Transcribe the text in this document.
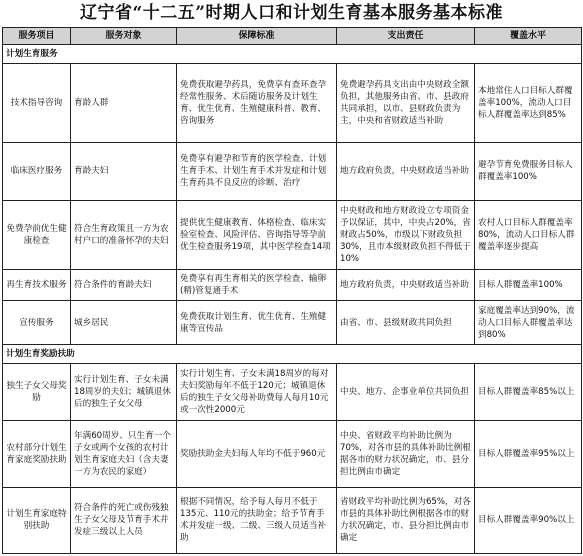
辽宁省“十二五”时期人口和计划生育基本服务基本标准
服务项目	服务对象	保障标准	支出责任	覆盖水平
计划生育服务				
技术指导咨询	育龄人群	免费获取避孕药具，免费享有查环查孕经常性服务、术后随访服务及计划生育、优生优育、生殖健康科普、教育、咨询服务	免费避孕药具支出由中央财政全额负担，其他服务由省、市、县政府共同承担，以市、县财政负责为主，中央和省财政适当补助	本地常住人口目标人群覆盖率100%，流动人口目标人群覆盖率达到85%
临床医疗服务	育龄夫妇	免费享有避孕和节育的医学检查、计划生育手术、计划生育手术并发症和计划生育药具不良反应的诊断、治疗	地方政府负责，中央财政适当补助	避孕节育免费服务目标人群覆盖率100%
免费孕前优生健康检查	符合生育政策且一方为农村户口的准备怀孕的夫妇	提供优生健康教育、体格检查、临床实验室检查、风险评估、咨询指导等孕前优生检查服务19项，其中医学检查14项	中央财政和地方财政设立专项资金予以保证，其中，中央占20%，省财政占50%，市级以下财政负担30%，且市本级财政负担不得低于10%	农村人口目标人群覆盖率80%，流动人口目标人群覆盖率逐步提高
再生育技术服务	符合条件的育龄夫妇	免费享有再生育相关的医学检查、输卵(精)管复通手术	地方政府负责，中央财政适当补助	目标人群覆盖率100%
宣传服务	城乡居民	免费获取计划生育、优生优育、生殖健康等宣传品	由省、市、县级财政共同负担	家庭覆盖率达到90%，流动人口目标人群覆盖率达到80%
计划生育奖励扶助				
独生子女父母奖励	实行计划生育、子女未满18周岁的夫妇；城镇退休后的独生子女父母	实行计划生育、子女未满18周岁的每对夫妇奖励每年不低于120元；城镇退休后的独生子女父母补助费每人每月10元或一次性2000元	中央、地方、企事业单位共同负担	目标人群覆盖率85%以上
农村部分计划生育家庭奖励扶助	年满60周岁、只生育一个子女或两个女孩的农村计划生育家庭夫妇（含夫妻一方为农民的家庭）	奖励扶助金夫妇每人年均不低于960元	中央、省财政平均补助比例为70%，对各市县的具体补助比例根据各市的财力状况确定，市、县分担比例由市确定	目标人群覆盖率95%以上
计划生育家庭特别扶助	符合条件的死亡或伤残独生子女父母及节育手术并发症三级以上人员	根据不同情况，给予每人每月不低于135元、110元的扶助金；给予节育手术并发症一级、二级、三级人员适当补助	省财政平均补助比例为65%，对各市县的具体补助比例根据各市的财力状况确定，市、县分担比例由市确定	目标人群覆盖率90%以上
